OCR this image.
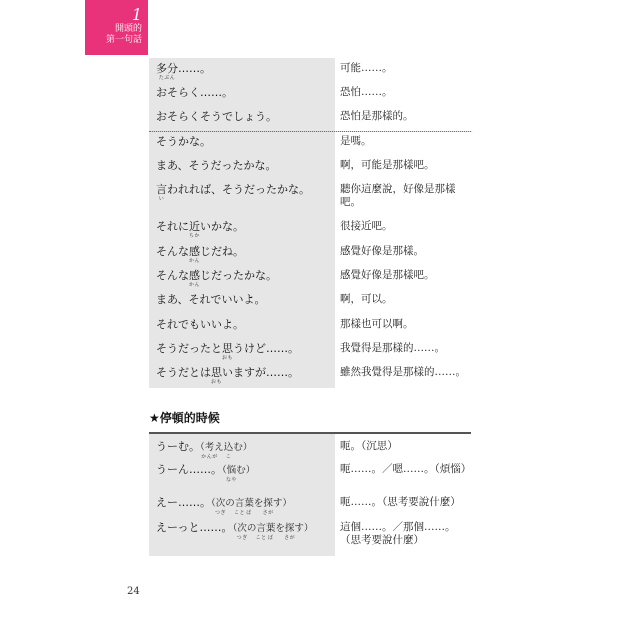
1
開頭的
第一句話
多分
たぶん
……。	可能……。
おそらく……。	恐怕……。
おそらくそうでしょう。	恐怕是那樣的。
そうかな。	是嗎。
まあ、そうだったかな。	啊，可能是那樣吧。
言
い
われれば、そうだったかな。	聽你這麼說，好像是那樣吧。
それに近
ちか
いかな。	很接近吧。
そんな感
かん
じだね。	感覺好像是那樣。
そんな感
かん
じだったかな。	感覺好像是那樣吧。
まあ、それでいいよ。	啊，可以。
それでもいいよ。	那樣也可以啊。
そうだったと思
おも
うけど……。	我覺得是那樣的……。
そうだとは思
おも
いますが……。	雖然我覺得是那樣的……。
★停頓的時候
うーむ。（考
かんが
え込
こ
む）	呃。（沉思）
うーん……。（悩
なや
む）	呃……。／嗯……。（煩惱）
えー……。（次
つぎ
の言
こと
葉
ば
を探
さが
す）	呃……。（思考要說什麼）
えーっと……。（次
つぎ
の言
こと
葉
ば
を探
さが
す）	這個……。／那個……。（思考要說什麼）
24
